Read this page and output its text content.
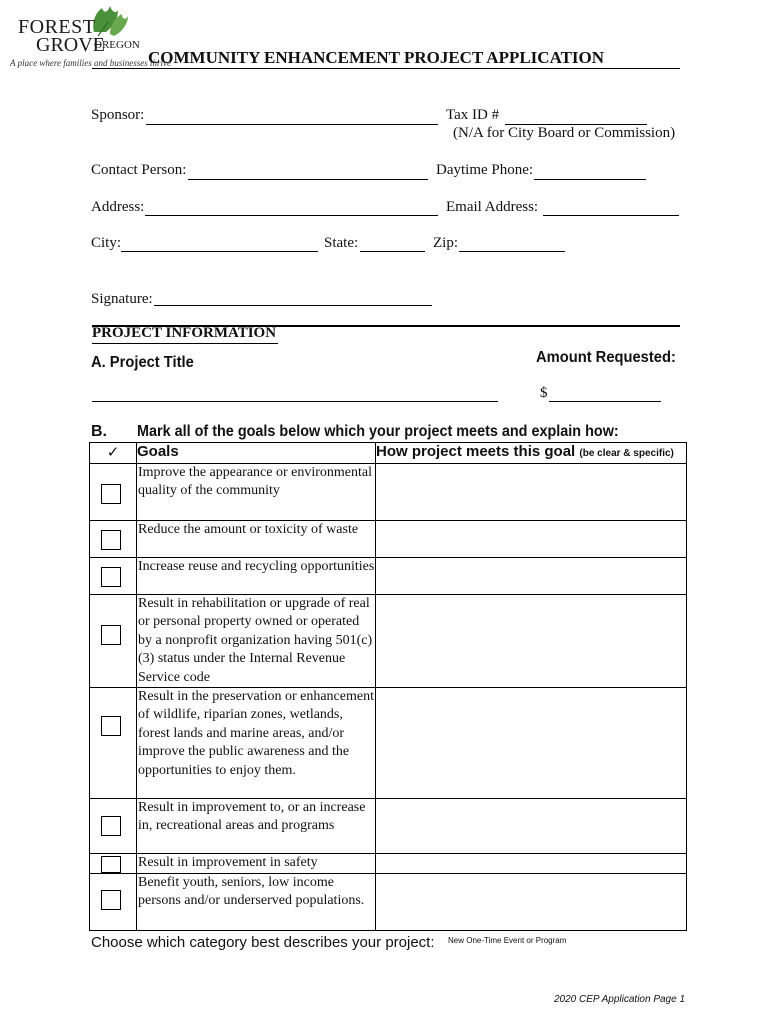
FOREST
GROVE
OREGON
A place where families and businesses thrive
COMMUNITY ENHANCEMENT PROJECT APPLICATION
Sponsor:	Tax ID #
(N/A for City Board or Commission)
Contact Person:	Daytime Phone:
Address:	Email Address:
City:	State:	Zip:
Signature:
PROJECT INFORMATION
A. Project Title	Amount Requested:
$
B. Mark all of the goals below which your project meets and explain how:
✓	Goals	How project meets this goal (be clear & specific)

	Improve the appearance or environmental quality of the community	

	Reduce the amount or toxicity of waste	

	Increase reuse and recycling opportunities	

	Result in rehabilitation or upgrade of real or personal property owned or operated by a nonprofit organization having 501(c)(3) status under the Internal Revenue Service code	

	Result in the preservation or enhancement of wildlife, riparian zones, wetlands, forest lands and marine areas, and/or improve the public awareness and the opportunities to enjoy them.	

	Result in improvement to, or an increase in, recreational areas and programs	

	Result in improvement in safety	

	Benefit youth, seniors, low income persons and/or underserved populations.	

Choose which category best describes your project: New One-Time Event or Program
2020 CEP Application Page 1
